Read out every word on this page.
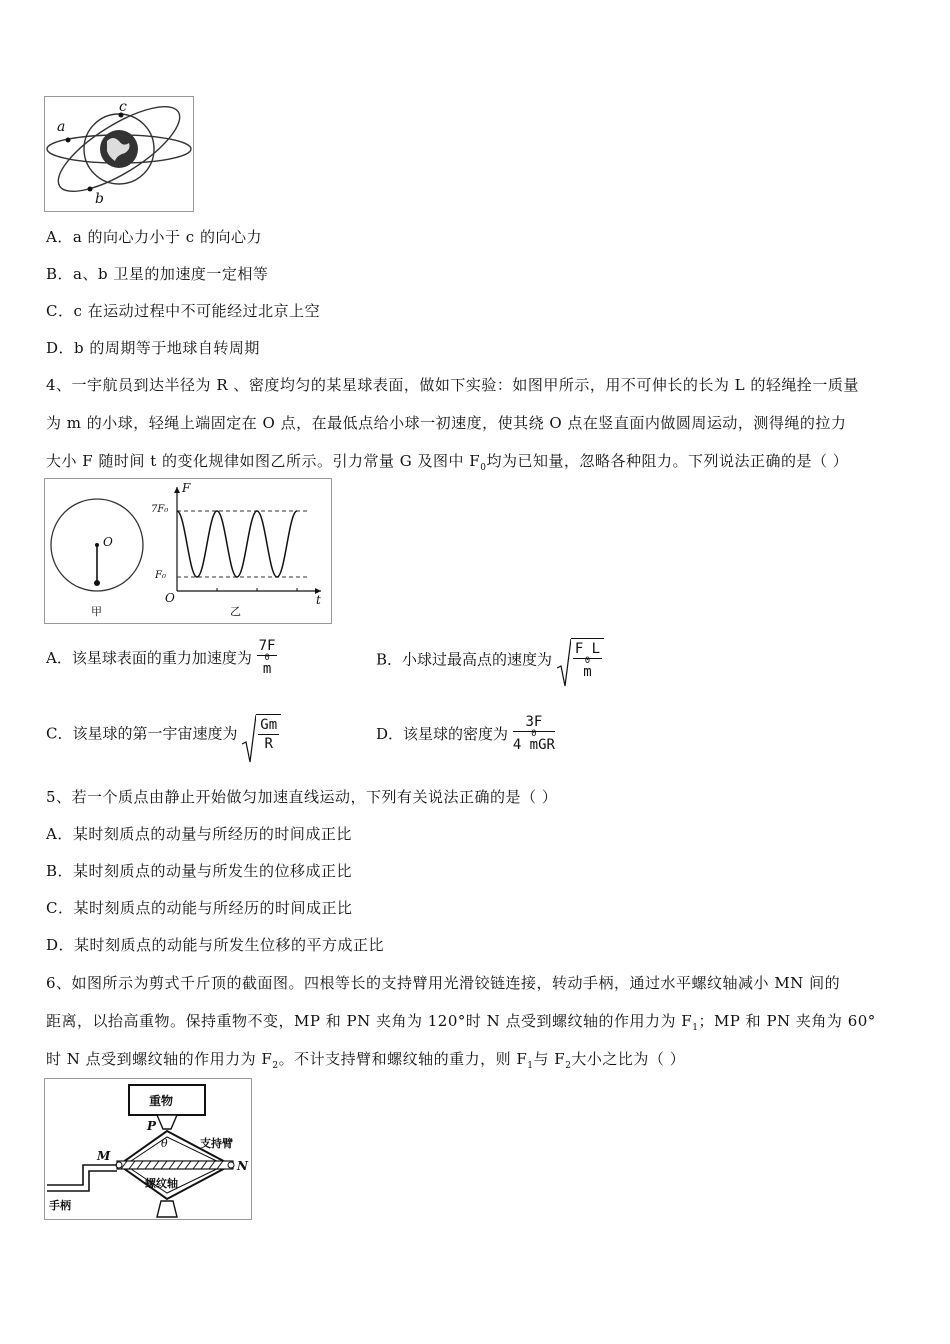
a
b
c
A．a 的向心力小于 c 的向心力
B．a、b 卫星的加速度一定相等
C．c 在运动过程中不可能经过北京上空
D．b 的周期等于地球自转周期
4、一宇航员到达半径为 R 、密度均匀的某星球表面，做如下实验：如图甲所示，用不可伸长的长为 L 的轻绳拴一质量
为 m 的小球，轻绳上端固定在 O 点，在最低点给小球一初速度，使其绕 O 点在竖直面内做圆周运动，测得绳的拉力
大小 F 随时间 t 的变化规律如图乙所示。引力常量 G 及图中 $F_0$均为已知量，忽略各种阻力。下列说法正确的是（ ）
O
甲	乙
O
F
t
7F₀
F₀
A．该星球表面的重力加速度为
7F
0
m
B．小球过最高点的速度为
F L
0
m
C．该星球的第一宇宙速度为 $\frac{Gm}{R}$	D．该星球的密度为
3F
0
4 mGR
5、若一个质点由静止开始做匀加速直线运动，下列有关说法正确的是（ ）
A．某时刻质点的动量与所经历的时间成正比
B．某时刻质点的动量与所发生的位移成正比
C．某时刻质点的动能与所经历的时间成正比
D．某时刻质点的动能与所发生位移的平方成正比
6、如图所示为剪式千斤顶的截面图。四根等长的支持臂用光滑铰链连接，转动手柄，通过水平螺纹轴减小 MN 间的
距离，以抬高重物。保持重物不变，MP 和 PN 夹角为 120°时 N 点受到螺纹轴的作用力为 $F_1$；MP 和 PN 夹角为 60°
时 N 点受到螺纹轴的作用力为 $F_2$。不计支持臂和螺纹轴的重力，则 $F_1$与 $F_2$大小之比为（ ）
重物
支持臂
螺纹轴
手柄
M
N
P
θ
